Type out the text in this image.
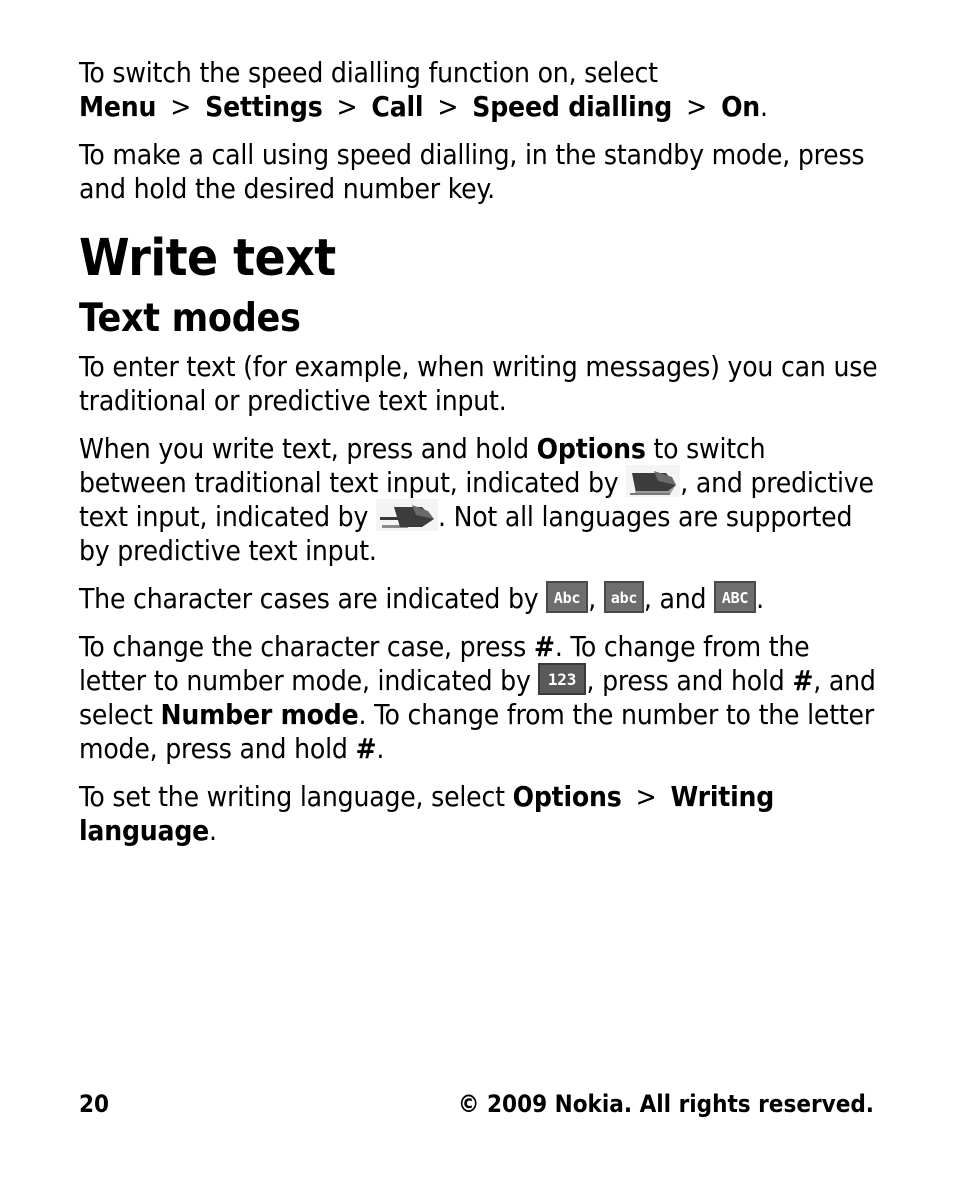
To switch the speed dialling function on, select Menu > Settings > Call > Speed dialling > On.

To make a call using speed dialling, in the standby mode, press and hold the desired number key.

Write text
Text modes

To enter text (for example, when writing messages) you can use traditional or predictive text input.

When you write text, press and hold Options to switch between traditional text input, indicated by
, and predictive text input, indicated by
. Not all languages are supported by predictive text input.

The character cases are indicated by Abc , abc , and ABC .

To change the character case, press #. To change from the letter to number mode, indicated by 123 , press and hold #, and select Number mode. To change from the number to the letter mode, press and hold #.

To set the writing language, select Options > Writing language.

20	© 2009 Nokia. All rights reserved.
